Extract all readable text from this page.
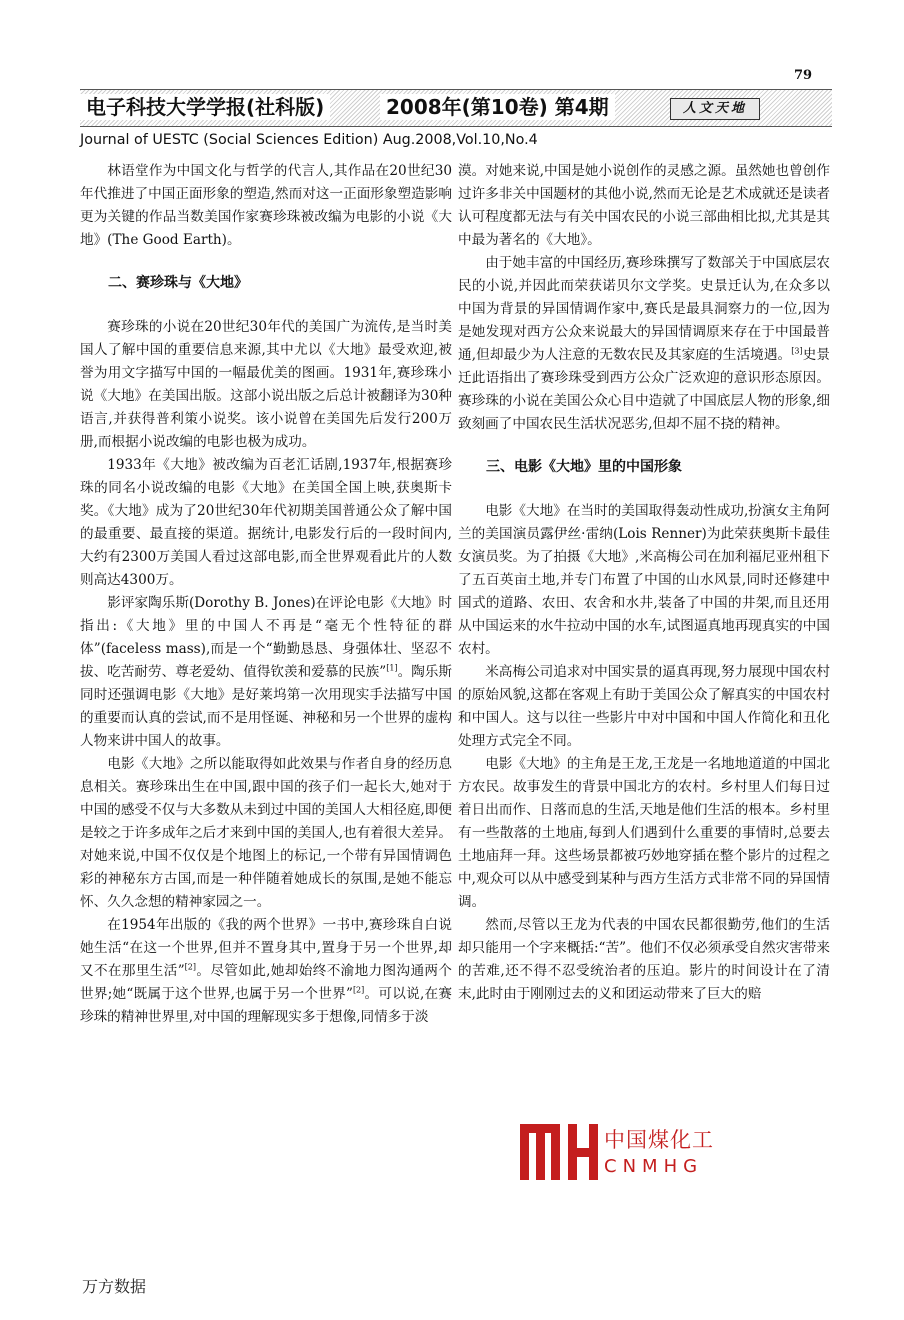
79
电子科技大学学报(社科版)	2008年(第10卷) 第4期	人文天地
Journal of UESTC (Social Sciences Edition) Aug.2008,Vol.10,No.4

林语堂作为中国文化与哲学的代言人,其作品在20世纪30年代推进了中国正面形象的塑造,然而对这一正面形象塑造影响更为关键的作品当数美国作家赛珍珠被改编为电影的小说《大地》(The Good Earth)。

二、赛珍珠与《大地》

赛珍珠的小说在20世纪30年代的美国广为流传,是当时美国人了解中国的重要信息来源,其中尤以《大地》最受欢迎,被誉为用文字描写中国的一幅最优美的图画。1931年,赛珍珠小说《大地》在美国出版。这部小说出版之后总计被翻译为30种语言,并获得普利策小说奖。该小说曾在美国先后发行200万册,而根据小说改编的电影也极为成功。

1933年《大地》被改编为百老汇话剧,1937年,根据赛珍珠的同名小说改编的电影《大地》在美国全国上映,获奥斯卡奖。《大地》成为了20世纪30年代初期美国普通公众了解中国的最重要、最直接的渠道。据统计,电影发行后的一段时间内,大约有2300万美国人看过这部电影,而全世界观看此片的人数则高达4300万。

影评家陶乐斯(Dorothy B. Jones)在评论电影《大地》时指出:《大地》里的中国人不再是“毫无个性特征的群体”(faceless mass),而是一个“勤勤恳恳、身强体壮、坚忍不拔、吃苦耐劳、尊老爱幼、值得钦羡和爱慕的民族”[1]。陶乐斯同时还强调电影《大地》是好莱坞第一次用现实手法描写中国的重要而认真的尝试,而不是用怪诞、神秘和另一个世界的虚构人物来讲中国人的故事。

电影《大地》之所以能取得如此效果与作者自身的经历息息相关。赛珍珠出生在中国,跟中国的孩子们一起长大,她对于中国的感受不仅与大多数从未到过中国的美国人大相径庭,即便是较之于许多成年之后才来到中国的美国人,也有着很大差异。对她来说,中国不仅仅是个地图上的标记,一个带有异国情调色彩的神秘东方古国,而是一种伴随着她成长的氛围,是她不能忘怀、久久念想的精神家园之一。

在1954年出版的《我的两个世界》一书中,赛珍珠自白说她生活“在这一个世界,但并不置身其中,置身于另一个世界,却又不在那里生活”[2]。尽管如此,她却始终不渝地力图沟通两个世界;她“既属于这个世界,也属于另一个世界”[2]。可以说,在赛珍珠的精神世界里,对中国的理解现实多于想像,同情多于淡

漠。对她来说,中国是她小说创作的灵感之源。虽然她也曾创作过许多非关中国题材的其他小说,然而无论是艺术成就还是读者认可程度都无法与有关中国农民的小说三部曲相比拟,尤其是其中最为著名的《大地》。

由于她丰富的中国经历,赛珍珠撰写了数部关于中国底层农民的小说,并因此而荣获诺贝尔文学奖。史景迁认为,在众多以中国为背景的异国情调作家中,赛氏是最具洞察力的一位,因为是她发现对西方公众来说最大的异国情调原来存在于中国最普通,但却最少为人注意的无数农民及其家庭的生活境遇。[3]史景迁此语指出了赛珍珠受到西方公众广泛欢迎的意识形态原因。赛珍珠的小说在美国公众心目中造就了中国底层人物的形象,细致刻画了中国农民生活状况恶劣,但却不屈不挠的精神。

三、电影《大地》里的中国形象

电影《大地》在当时的美国取得轰动性成功,扮演女主角阿兰的美国演员露伊丝·雷纳(Lois Renner)为此荣获奥斯卡最佳女演员奖。为了拍摄《大地》,米高梅公司在加利福尼亚州租下了五百英亩土地,并专门布置了中国的山水风景,同时还修建中国式的道路、农田、农舍和水井,装备了中国的井架,而且还用从中国运来的水牛拉动中国的水车,试图逼真地再现真实的中国农村。

米高梅公司追求对中国实景的逼真再现,努力展现中国农村的原始风貌,这都在客观上有助于美国公众了解真实的中国农村和中国人。这与以往一些影片中对中国和中国人作简化和丑化处理方式完全不同。

电影《大地》的主角是王龙,王龙是一名地地道道的中国北方农民。故事发生的背景中国北方的农村。乡村里人们每日过着日出而作、日落而息的生活,天地是他们生活的根本。乡村里有一些散落的土地庙,每到人们遇到什么重要的事情时,总要去土地庙拜一拜。这些场景都被巧妙地穿插在整个影片的过程之中,观众可以从中感受到某种与西方生活方式非常不同的异国情调。

然而,尽管以王龙为代表的中国农民都很勤劳,他们的生活却只能用一个字来概括:“苦”。他们不仅必须承受自然灾害带来的苦难,还不得不忍受统治者的压迫。影片的时间设计在了清末,此时由于刚刚过去的义和团运动带来了巨大的赔

中国煤化工
CNMHG
万方数据
